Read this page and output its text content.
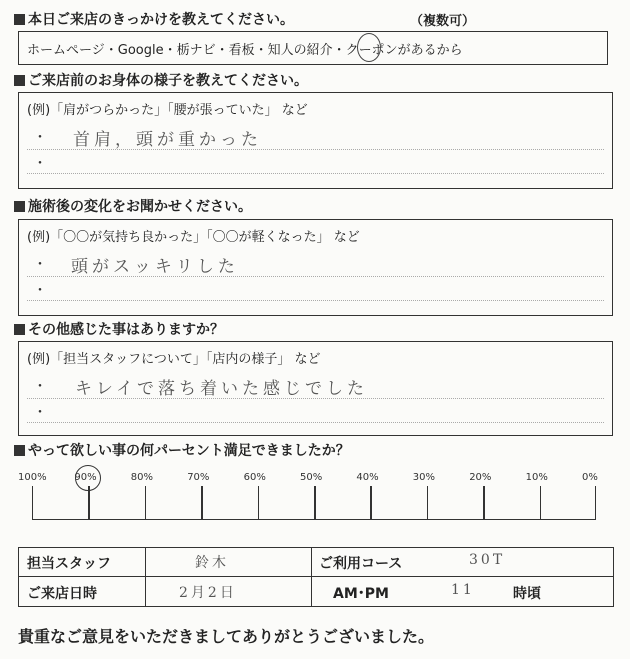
本日ご来店のきっかけを教えてください。	（複数可）
ホームページ・Google・栃ナビ・看板・知人の紹介・クーポンがあるから
ご来店前のお身体の様子を教えてください。
(例)「肩がつらかった」「腰が張っていた」 など
・
・
首肩，頭が重かった
施術後の変化をお聞かせください。
(例)「〇〇が気持ち良かった」「〇〇が軽くなった」 など
・
・
頭がスッキリした
その他感じた事はありますか？
(例)「担当スタッフについて」「店内の様子」 など
・
・
キレイで落ち着いた感じでした
やって欲しい事の何パーセント満足できましたか？
100%	90%	80%	70%	60%	50%	40%	30%	20%	10%	0%
担当スタッフ	鈴木	ご利用コース	30T
ご来店日時	2月2日	AM･PM	11	時頃
貴重なご意見をいただきましてありがとうございました。
